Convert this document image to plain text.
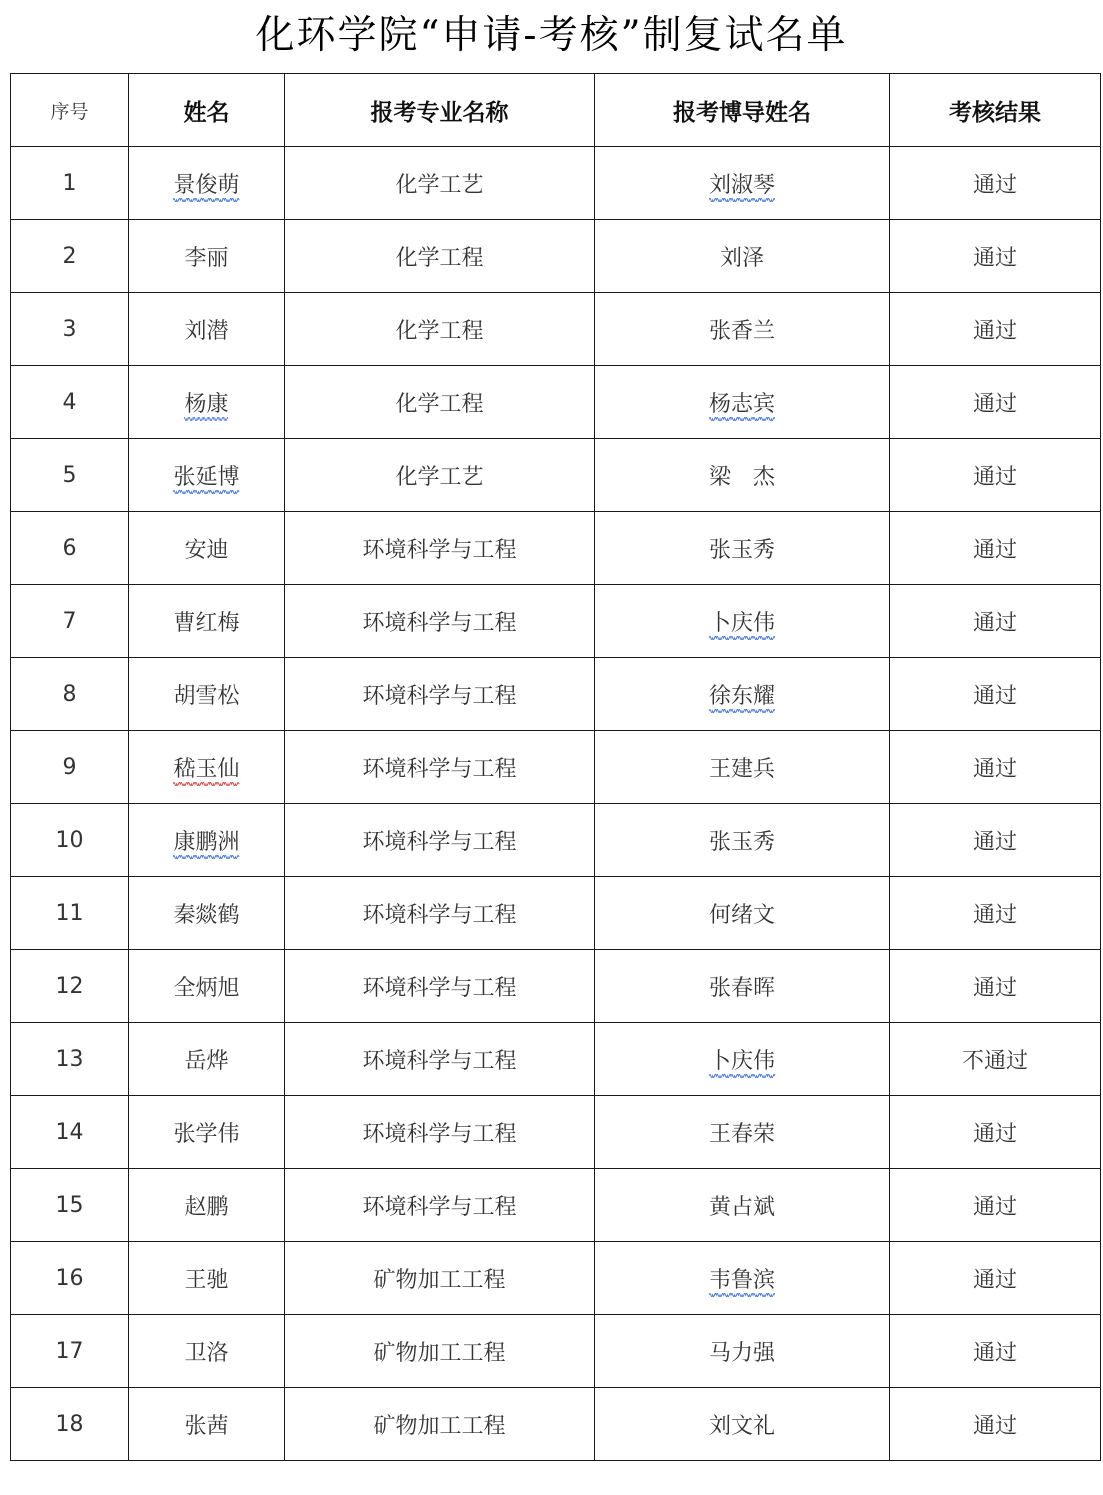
化环学院“申请-考核”制复试名单
序号	姓名	报考专业名称	报考博导姓名	考核结果
1	景俊萌	化学工艺	刘淑琴	通过
2	李丽	化学工程	刘泽	通过
3	刘潜	化学工程	张香兰	通过
4	杨康	化学工程	杨志宾	通过
5	张延博	化学工艺	梁　杰	通过
6	安迪	环境科学与工程	张玉秀	通过
7	曹红梅	环境科学与工程	卜庆伟	通过
8	胡雪松	环境科学与工程	徐东耀	通过
9	嵇玉仙	环境科学与工程	王建兵	通过
10	康鹏洲	环境科学与工程	张玉秀	通过
11	秦燚鹤	环境科学与工程	何绪文	通过
12	全炳旭	环境科学与工程	张春晖	通过
13	岳烨	环境科学与工程	卜庆伟	不通过
14	张学伟	环境科学与工程	王春荣	通过
15	赵鹏	环境科学与工程	黄占斌	通过
16	王驰	矿物加工工程	韦鲁滨	通过
17	卫洛	矿物加工工程	马力强	通过
18	张茜	矿物加工工程	刘文礼	通过
